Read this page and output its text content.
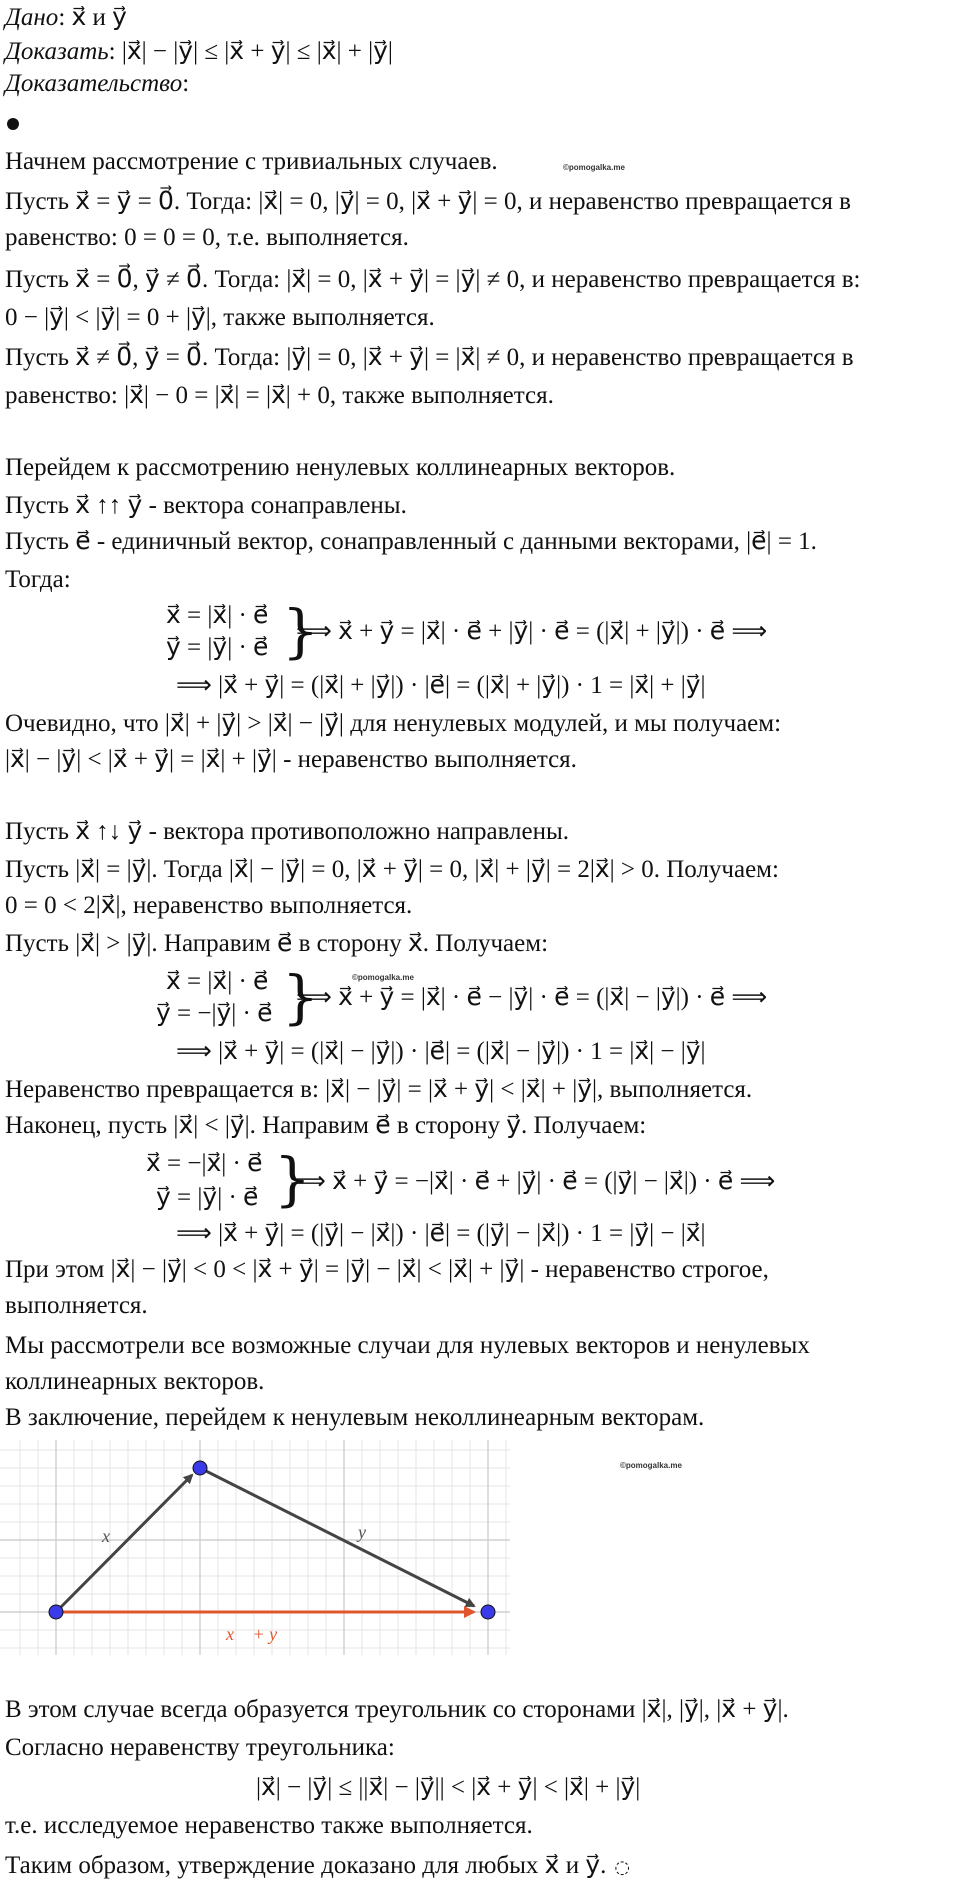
Дано: x⃗ и y⃗
Доказать: |x⃗| − |y⃗| ≤ |x⃗ + y⃗| ≤ |x⃗| + |y⃗|
Доказательство:
Начнем рассмотрение с тривиальных случаев.	©pomogalka.me
Пусть x⃗ = y⃗ = 0⃗. Тогда: |x⃗| = 0, |y⃗| = 0, |x⃗ + y⃗| = 0, и неравенство превращается в
равенство: 0 = 0 = 0, т.е. выполняется.
Пусть x⃗ = 0⃗, y⃗ ≠ 0⃗. Тогда: |x⃗| = 0, |x⃗ + y⃗| = |y⃗| ≠ 0, и неравенство превращается в:
0 − |y⃗| < |y⃗| = 0 + |y⃗|, также выполняется.
Пусть x⃗ ≠ 0⃗, y⃗ = 0⃗. Тогда: |y⃗| = 0, |x⃗ + y⃗| = |x⃗| ≠ 0, и неравенство превращается в
равенство: |x⃗| − 0 = |x⃗| = |x⃗| + 0, также выполняется.
Перейдем к рассмотрению ненулевых коллинеарных векторов.
Пусть x⃗ ↑↑ y⃗ - вектора сонаправлены.
Пусть e⃗ - единичный вектор, сонаправленный с данными векторами, |e⃗| = 1.
Тогда:
x⃗ = |x⃗| · e⃗
y⃗ = |y⃗| · e⃗ }
⟹ x⃗ + y⃗ = |x⃗| · e⃗ + |y⃗| · e⃗ = (|x⃗| + |y⃗|) · e⃗ ⟹
⟹ |x⃗ + y⃗| = (|x⃗| + |y⃗|) · |e⃗| = (|x⃗| + |y⃗|) · 1 = |x⃗| + |y⃗|
Очевидно, что |x⃗| + |y⃗| > |x⃗| − |y⃗| для ненулевых модулей, и мы получаем:
|x⃗| − |y⃗| < |x⃗ + y⃗| = |x⃗| + |y⃗| - неравенство выполняется.
Пусть x⃗ ↑↓ y⃗ - вектора противоположно направлены.
Пусть |x⃗| = |y⃗|. Тогда |x⃗| − |y⃗| = 0, |x⃗ + y⃗| = 0, |x⃗| + |y⃗| = 2|x⃗| > 0. Получаем:
0 = 0 < 2|x⃗|, неравенство выполняется.
Пусть |x⃗| > |y⃗|. Направим e⃗ в сторону x⃗. Получаем:
©pomogalka.me
x⃗ = |x⃗| · e⃗
y⃗ = −|y⃗| · e⃗ }
⟹ x⃗ + y⃗ = |x⃗| · e⃗ − |y⃗| · e⃗ = (|x⃗| − |y⃗|) · e⃗ ⟹
⟹ |x⃗ + y⃗| = (|x⃗| − |y⃗|) · |e⃗| = (|x⃗| − |y⃗|) · 1 = |x⃗| − |y⃗|
Неравенство превращается в: |x⃗| − |y⃗| = |x⃗ + y⃗| < |x⃗| + |y⃗|, выполняется.
Наконец, пусть |x⃗| < |y⃗|. Направим e⃗ в сторону y⃗. Получаем:
x⃗ = −|x⃗| · e⃗
y⃗ = |y⃗| · e⃗ }
⟹ x⃗ + y⃗ = −|x⃗| · e⃗ + |y⃗| · e⃗ = (|y⃗| − |x⃗|) · e⃗ ⟹
⟹ |x⃗ + y⃗| = (|y⃗| − |x⃗|) · |e⃗| = (|y⃗| − |x⃗|) · 1 = |y⃗| − |x⃗|
При этом |x⃗| − |y⃗| < 0 < |x⃗ + y⃗| = |y⃗| − |x⃗| < |x⃗| + |y⃗| - неравенство строгое,
выполняется.
Мы рассмотрели все возможные случаи для нулевых векторов и ненулевых
коллинеарных векторов.
В заключение, перейдем к ненулевым неколлинеарным векторам.
©pomogalka.me
x⃗	y⃗
x⃗ + y⃗
В этом случае всегда образуется треугольник со сторонами |x⃗|, |y⃗|, |x⃗ + y⃗|.
Согласно неравенству треугольника:
|x⃗| − |y⃗| ≤ ||x⃗| − |y⃗|| < |x⃗ + y⃗| < |x⃗| + |y⃗|
т.е. исследуемое неравенство также выполняется.
Таким образом, утверждение доказано для любых x⃗ и y⃗. ◌
